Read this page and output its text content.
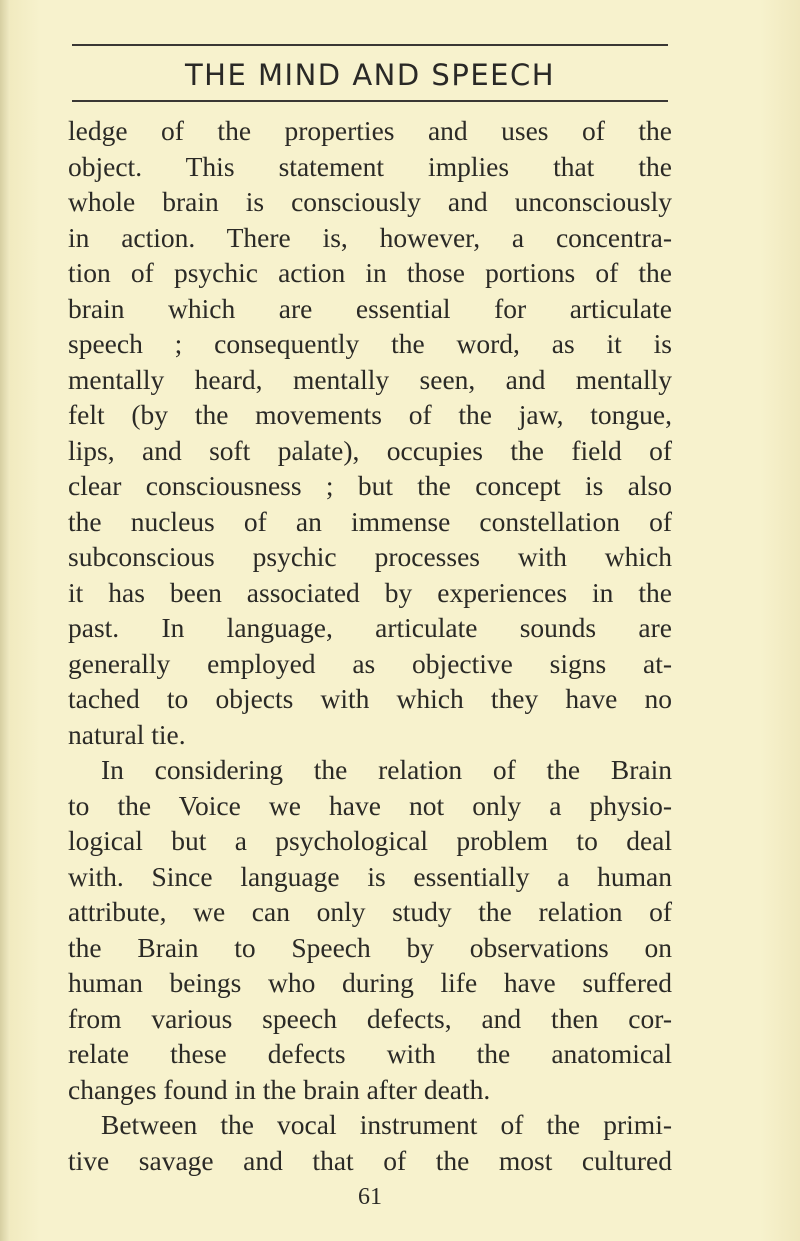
THE MIND AND SPEECH
ledge of the properties and uses of the
object. This statement implies that the
whole brain is consciously and unconsciously
in action. There is, however, a concentra-
tion of psychic action in those portions of the
brain which are essential for articulate
speech ; consequently the word, as it is
mentally heard, mentally seen, and mentally
felt (by the movements of the jaw, tongue,
lips, and soft palate), occupies the field of
clear consciousness ; but the concept is also
the nucleus of an immense constellation of
subconscious psychic processes with which
it has been associated by experiences in the
past. In language, articulate sounds are
generally employed as objective signs at-
tached to objects with which they have no
natural tie.
In considering the relation of the Brain
to the Voice we have not only a physio-
logical but a psychological problem to deal
with. Since language is essentially a human
attribute, we can only study the relation of
the Brain to Speech by observations on
human beings who during life have suffered
from various speech defects, and then cor-
relate these defects with the anatomical
changes found in the brain after death.
Between the vocal instrument of the primi-
tive savage and that of the most cultured
61
